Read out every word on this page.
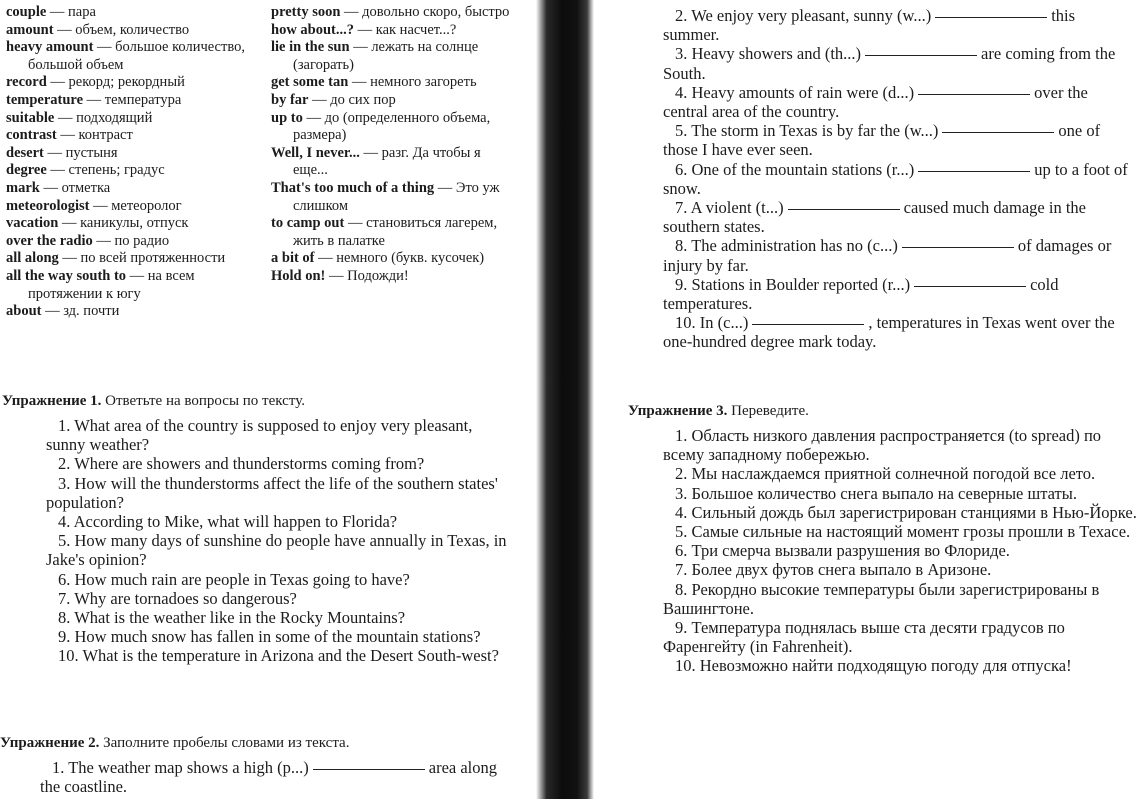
couple — пара

amount — объем, количество

heavy amount — большое количество, большой объем

record — рекорд; рекордный

temperature — температура

suitable — подходящий

contrast — контраст

desert — пустыня

degree — степень; градус

mark — отметка

meteorologist — метеоролог

vacation — каникулы, отпуск

over the radio — по радио

all along — по всей протяженности

all the way south to — на всем протяжении к югу

about — зд. почти

pretty soon — довольно скоро, быстро

how about...? — как насчет...?

lie in the sun — лежать на солнце (загорать)

get some tan — немного загореть

by far — до сих пор

up to — до (определенного объема, размера)

Well, I never... — разг. Да чтобы я еще...

That's too much of a thing — Это уж слишком

to camp out — становиться лагерем, жить в палатке

a bit of — немного (букв. кусочек)

Hold on! — Подожди!

Упражнение 1. Ответьте на вопросы по тексту.

1. What area of the country is supposed to enjoy very pleasant, sunny weather?

2. Where are showers and thunderstorms coming from?

3. How will the thunderstorms affect the life of the southern states' population?

4. According to Mike, what will happen to Florida?

5. How many days of sunshine do people have annually in Texas, in Jake's opinion?

6. How much rain are people in Texas going to have?

7. Why are tornadoes so dangerous?

8. What is the weather like in the Rocky Mountains?

9. How much snow has fallen in some of the mountain stations?

10. What is the temperature in Arizona and the Desert South-west?

Упражнение 2. Заполните пробелы словами из текста.

1. The weather map shows a high (p...)	area along the coastline.

2. We enjoy very pleasant, sunny (w...)	this summer.

3. Heavy showers and (th...)	are coming from the South.

4. Heavy amounts of rain were (d...)	over the central area of the country.

5. The storm in Texas is by far the (w...)	one of those I have ever seen.

6. One of the mountain stations (r...)	up to a foot of snow.

7. A violent (t...)	caused much damage in the southern states.

8. The administration has no (c...)	of damages or injury by far.

9. Stations in Boulder reported (r...)	cold temperatures.

10. In (c...)	, temperatures in Texas went over the one-hundred degree mark today.

Упражнение 3. Переведите.

1. Область низкого давления распространяется (to spread) по всему западному побережью.

2. Мы наслаждаемся приятной солнечной погодой все лето.

3. Большое количество снега выпало на северные штаты.

4. Сильный дождь был зарегистрирован станциями в Нью-Йорке.

5. Самые сильные на настоящий момент грозы прошли в Техасе.

6. Три смерча вызвали разрушения во Флориде.

7. Более двух футов снега выпало в Аризоне.

8. Рекордно высокие температуры были зарегистрированы в Вашингтоне.

9. Температура поднялась выше ста десяти градусов по Фаренгейту (in Fahrenheit).

10. Невозможно найти подходящую погоду для отпуска!
